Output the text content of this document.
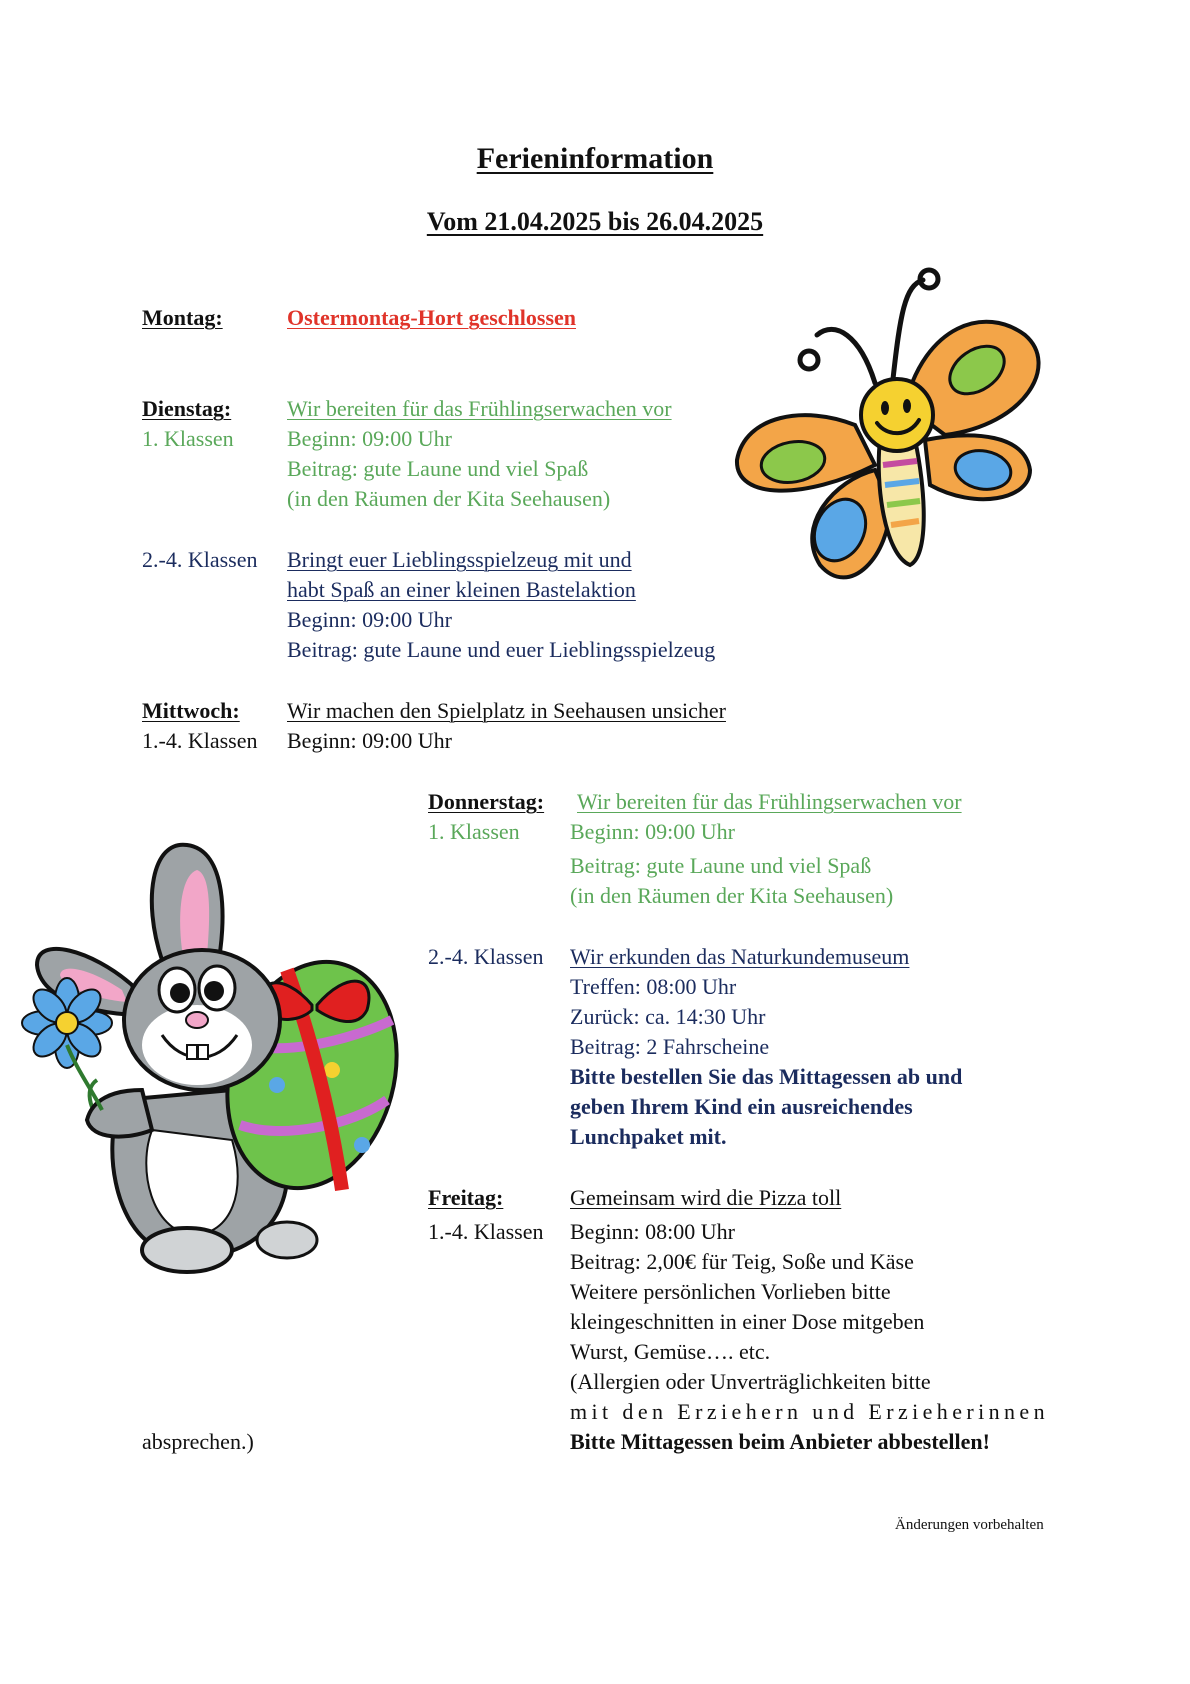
Ferieninformation
Vom 21.04.2025 bis 26.04.2025
Montag:	Ostermontag-Hort geschlossen
Dienstag:
1. Klassen
Wir bereiten für das Frühlingserwachen vor
Beginn: 09:00 Uhr
Beitrag: gute Laune und viel Spaß
(in den Räumen der Kita Seehausen)
2.-4. Klassen Bringt euer Lieblingsspielzeug mit und
habt Spaß an einer kleinen Bastelaktion
Beginn: 09:00 Uhr
Beitrag: gute Laune und euer Lieblingsspielzeug
Mittwoch:
1.-4. Klassen
Wir machen den Spielplatz in Seehausen unsicher
Beginn: 09:00 Uhr
Donnerstag:
1. Klassen
Wir bereiten für das Frühlingserwachen vor
Beginn: 09:00 Uhr
Beitrag: gute Laune und viel Spaß
(in den Räumen der Kita Seehausen)
2.-4. Klassen Wir erkunden das Naturkundemuseum
Treffen: 08:00 Uhr
Zurück: ca. 14:30 Uhr
Beitrag: 2 Fahrscheine
Bitte bestellen Sie das Mittagessen ab und
geben Ihrem Kind ein ausreichendes
Lunchpaket mit.
Freitag:
1.-4. Klassen
Gemeinsam wird die Pizza toll
Beginn: 08:00 Uhr
Beitrag: 2,00€ für Teig, Soße und Käse
Weitere persönlichen Vorlieben bitte
kleingeschnitten in einer Dose mitgeben
Wurst, Gemüse…. etc.
(Allergien oder Unverträglichkeiten bitte
mit den Erziehern und Erzieherinnen
absprechen.)	Bitte Mittagessen beim Anbieter abbestellen!
Änderungen vorbehalten
